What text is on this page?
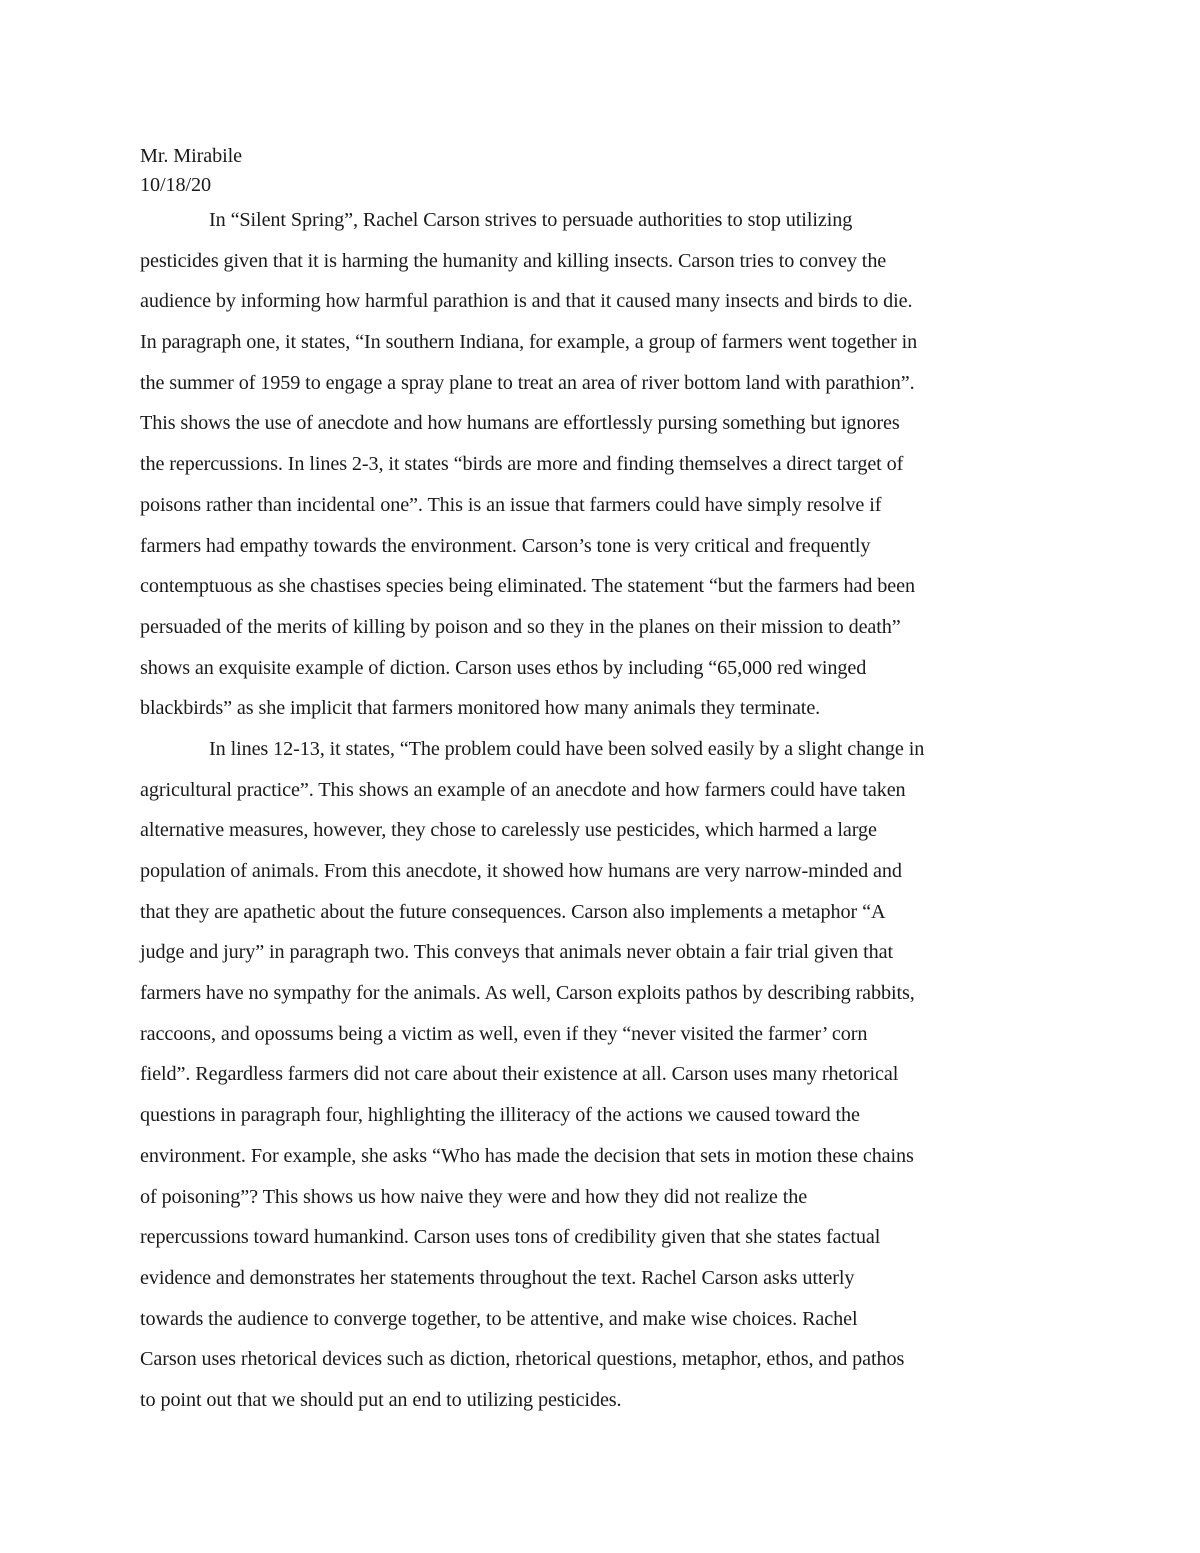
Mr. Mirabile
10/18/20
In “Silent Spring”, Rachel Carson strives to persuade authorities to stop utilizing
pesticides given that it is harming the humanity and killing insects. Carson tries to convey the
audience by informing how harmful parathion is and that it caused many insects and birds to die.
In paragraph one, it states, “In southern Indiana, for example, a group of farmers went together in
the summer of 1959 to engage a spray plane to treat an area of river bottom land with parathion”.
This shows the use of anecdote and how humans are effortlessly pursing something but ignores
the repercussions. In lines 2-3, it states “birds are more and finding themselves a direct target of
poisons rather than incidental one”. This is an issue that farmers could have simply resolve if
farmers had empathy towards the environment. Carson’s tone is very critical and frequently
contemptuous as she chastises species being eliminated. The statement “but the farmers had been
persuaded of the merits of killing by poison and so they in the planes on their mission to death”
shows an exquisite example of diction. Carson uses ethos by including “65,000 red winged
blackbirds” as she implicit that farmers monitored how many animals they terminate.
In lines 12-13, it states, “The problem could have been solved easily by a slight change in
agricultural practice”. This shows an example of an anecdote and how farmers could have taken
alternative measures, however, they chose to carelessly use pesticides, which harmed a large
population of animals. From this anecdote, it showed how humans are very narrow-minded and
that they are apathetic about the future consequences. Carson also implements a metaphor “A
judge and jury” in paragraph two. This conveys that animals never obtain a fair trial given that
farmers have no sympathy for the animals. As well, Carson exploits pathos by describing rabbits,
raccoons, and opossums being a victim as well, even if they “never visited the farmer’ corn
field”. Regardless farmers did not care about their existence at all. Carson uses many rhetorical
questions in paragraph four, highlighting the illiteracy of the actions we caused toward the
environment. For example, she asks “Who has made the decision that sets in motion these chains
of poisoning”? This shows us how naive they were and how they did not realize the
repercussions toward humankind. Carson uses tons of credibility given that she states factual
evidence and demonstrates her statements throughout the text. Rachel Carson asks utterly
towards the audience to converge together, to be attentive, and make wise choices. Rachel
Carson uses rhetorical devices such as diction, rhetorical questions, metaphor, ethos, and pathos
to point out that we should put an end to utilizing pesticides.
